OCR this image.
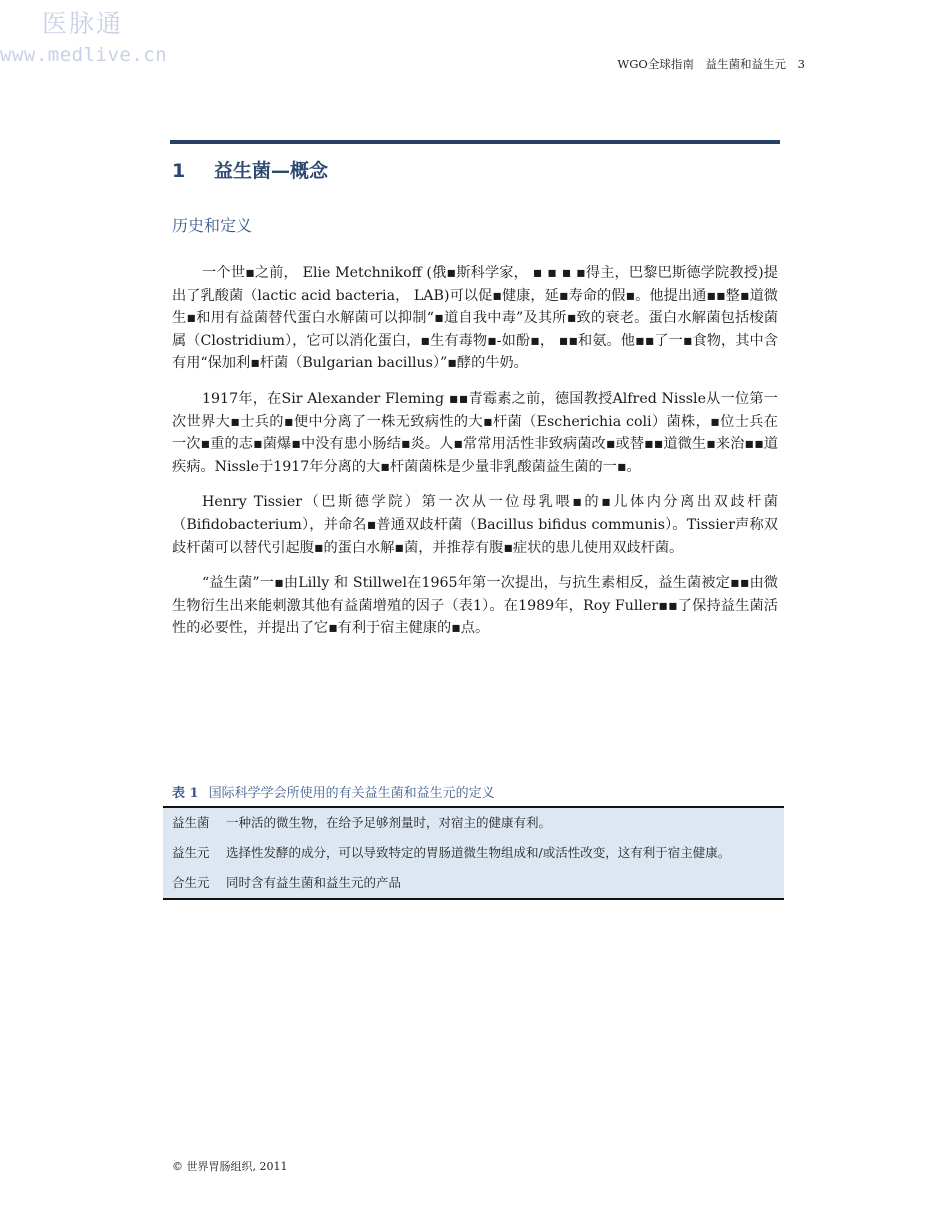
医脉通
www.medlive.cn	WGO全球指南 益生菌和益生元 3
1 益生菌—概念
历史和定义

一个世▪之前， Elie Metchnikoff (俄▪斯科学家， ▪ ▪ ▪ ▪得主，巴黎巴斯德学院教授)提出了乳酸菌（lactic acid bacteria， LAB)可以促▪健康，延▪寿命的假▪。他提出通▪▪整▪道微生▪和用有益菌替代蛋白水解菌可以抑制“▪道自我中毒”及其所▪致的衰老。蛋白水解菌包括梭菌属（Clostridium），它可以消化蛋白，▪生有毒物▪-如酚▪， ▪▪和氨。他▪▪了一▪食物，其中含有用“保加利▪杆菌（Bulgarian bacillus）”▪酵的牛奶。

1917年，在Sir Alexander Fleming ▪▪青霉素之前，德国教授Alfred Nissle从一位第一次世界大▪士兵的▪便中分离了一株无致病性的大▪杆菌（Escherichia coli）菌株，▪位士兵在一次▪重的志▪菌爆▪中没有患小肠结▪炎。人▪常常用活性非致病菌改▪或替▪▪道微生▪来治▪▪道疾病。Nissle于1917年分离的大▪杆菌菌株是少量非乳酸菌益生菌的一▪。

Henry Tissier（巴斯德学院）第一次从一位母乳喂▪的▪儿体内分离出双歧杆菌（Bifidobacterium），并命名▪普通双歧杆菌（Bacillus bifidus communis）。Tissier声称双歧杆菌可以替代引起腹▪的蛋白水解▪菌，并推荐有腹▪症状的患儿使用双歧杆菌。

“益生菌”一▪由Lilly 和 Stillwel在1965年第一次提出，与抗生素相反，益生菌被定▪▪由微生物衍生出来能刺激其他有益菌增殖的因子（表1）。在1989年，Roy Fuller▪▪了保持益生菌活性的必要性，并提出了它▪有利于宿主健康的▪点。

表 1 国际科学学会所使用的有关益生菌和益生元的定义
益生菌	一种活的微生物，在给予足够剂量时，对宿主的健康有利。
益生元	选择性发酵的成分，可以导致特定的胃肠道微生物组成和/或活性改变，这有利于宿主健康。
合生元	同时含有益生菌和益生元的产品
© 世界胃肠组织, 2011
